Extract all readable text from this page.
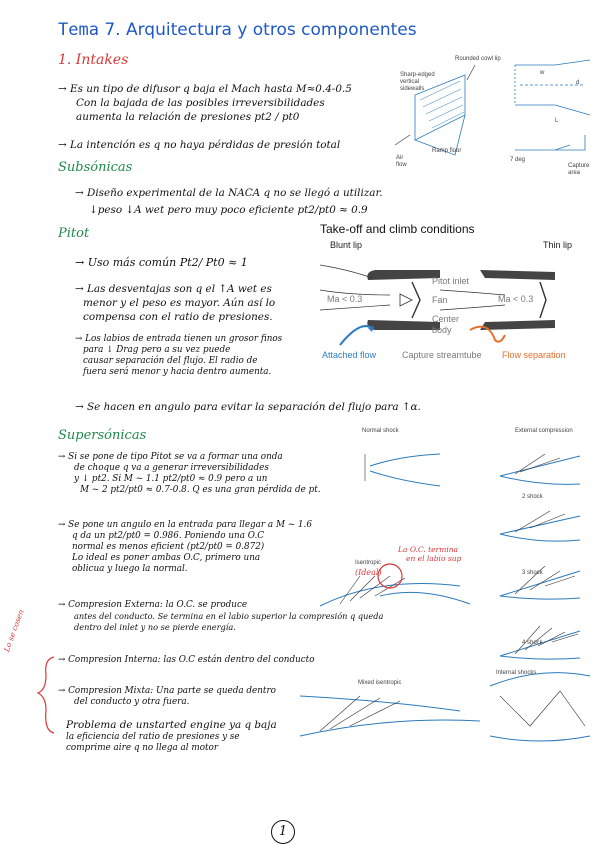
Tema 7. Arquitectura y otros componentes
1. Intakes
→ Es un tipo de difusor q baja el Mach hasta M≈0.4-0.5
Con la bajada de las posibles irreversibilidades
aumenta la relación de presiones pt2 / pt0
→ La intención es q no haya pérdidas de presión total
Rounded cowl lip
Sharp-edged vertical sidewalls
Ramp floor
Air flow	Capture area
7 deg
w
d
L
Subsónicas
→ Diseño experimental de la NACA q no se llegó a utilizar.
↓peso ↓A wet pero muy poco eficiente pt2/pt0 ≈ 0.9
Pitot
→ Uso más común Pt2/ Pt0 ≈ 1
→ Las desventajas son q el ↑A wet es
menor y el peso es mayor. Aún así lo
compensa con el ratio de presiones.
→ Los labios de entrada tienen un grosor finos
para ↓ Drag pero a su vez puede
causar separación del flujo. El radio de
fuera será menor y hacia dentro aumenta.
→ Se hacen en angulo para evitar la separación del flujo para ↑α.
Take-off and climb conditions
Blunt lip	Thin lip
Pitot inlet
Fan
Center body
Ma < 0.3	Ma < 0.3
Attached flow	Capture streamtube Flow separation
Supersónicas
→ Si se pone de tipo Pitot se va a formar una onda
de choque q va a generar irreversibilidades
y ↓ pt2. Si M ~ 1.1 pt2/pt0 ≈ 0.9 pero a un
M ~ 2 pt2/pt0 ≈ 0.7-0.8. Q es una gran pérdida de pt.
→ Se pone un angulo en la entrada para llegar a M ~ 1.6
q da un pt2/pt0 = 0.986. Poniendo una O.C
normal es menos eficient (pt2/pt0 = 0.872)
Lo ideal es poner ambas O.C, primero una
oblicua y luego la normal.
→ Compresion Externa: la O.C. se produce
antes del conducto. Se termina en el labio superior la compresión q queda
dentro del inlet y no se pierde energía.
→ Compresion Interna: las O.C están dentro del conducto
→ Compresion Mixta: Una parte se queda dentro
del conducto y otra fuera.
Problema de unstarted engine ya q baja
la eficiencia del ratio de presiones y se
comprime aire q no llega al motor
Lo se cosen
Normal shock	External compression
2 shock
3 shock
4 shock
Isentropic
(Ideal)
La O.C. termina
en el labio sup
Mixed isentropic
Internal shocks
1
